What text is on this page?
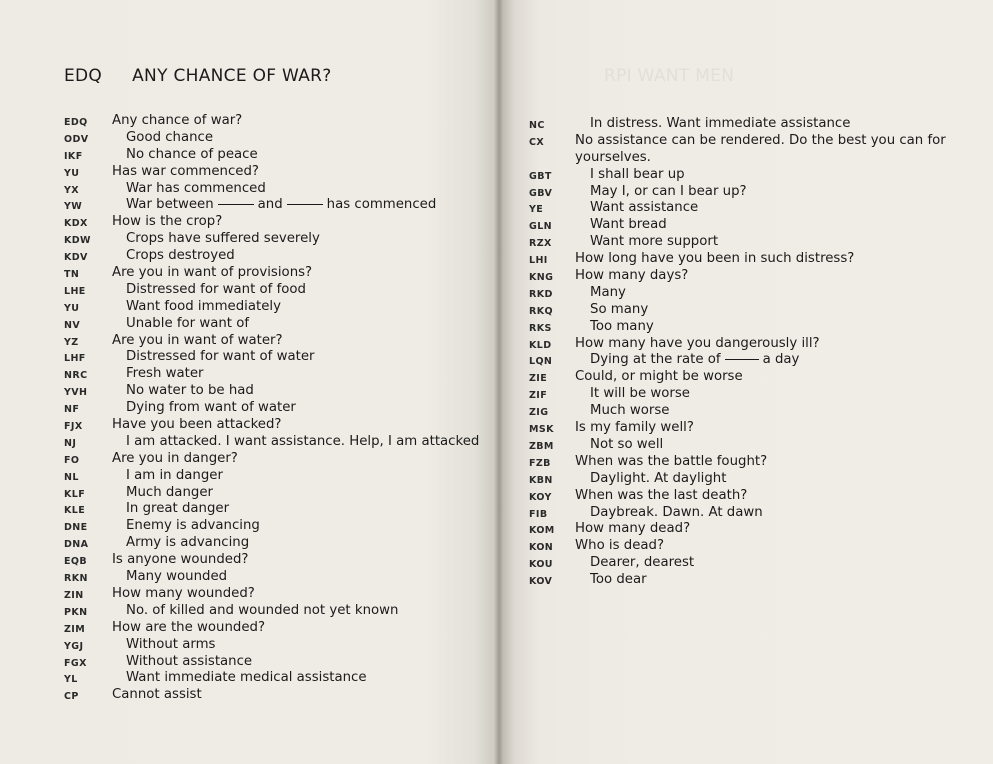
EDQ ANY CHANCE OF WAR?
EDQ Any chance of war?
ODV	Good chance
IKF	No chance of peace
YU Has war commenced?
YX	War has commenced
YW	War between	and	has commenced
KDX How is the crop?
KDW	Crops have suffered severely
KDV	Crops destroyed
TN Are you in want of provisions?
LHE	Distressed for want of food
YU	Want food immediately
NV	Unable for want of
YZ	Are you in want of water?
LHF	Distressed for want of water
NRC	Fresh water
YVH	No water to be had
NF	Dying from want of water
FJX Have you been attacked?
NJ	I am attacked. I want assistance. Help, I am attacked
FO Are you in danger?
NL	I am in danger
KLF	Much danger
KLE	In great danger
DNE	Enemy is advancing
DNA	Army is advancing
EQB Is anyone wounded?
RKN	Many wounded
ZIN How many wounded?
PKN	No. of killed and wounded not yet known
ZIM How are the wounded?
YGJ	Without arms
FGX	Without assistance
YL	Want immediate medical assistance
CP	Cannot assist
NC	In distress. Want immediate assistance
CX No assistance can be rendered. Do the best you can for yourselves.
GBT	I shall bear up
GBV	May I, or can I bear up?
YE	Want assistance
GLN	Want bread
RZX	Want more support
LHI How long have you been in such distress?
KNG How many days?
RKD	Many
RKQ	So many
RKS	Too many
KLD How many have you dangerously ill?
LQN	Dying at the rate of	a day
ZIE Could, or might be worse
ZIF	It will be worse
ZIG	Much worse
MSK Is my family well?
ZBM	Not so well
FZB When was the battle fought?
KBN	Daylight. At daylight
KOY When was the last death?
FIB	Daybreak. Dawn. At dawn
KOM How many dead?
KON Who is dead?
KOU	Dearer, dearest
KOV	Too dear
RPI WANT MEN
